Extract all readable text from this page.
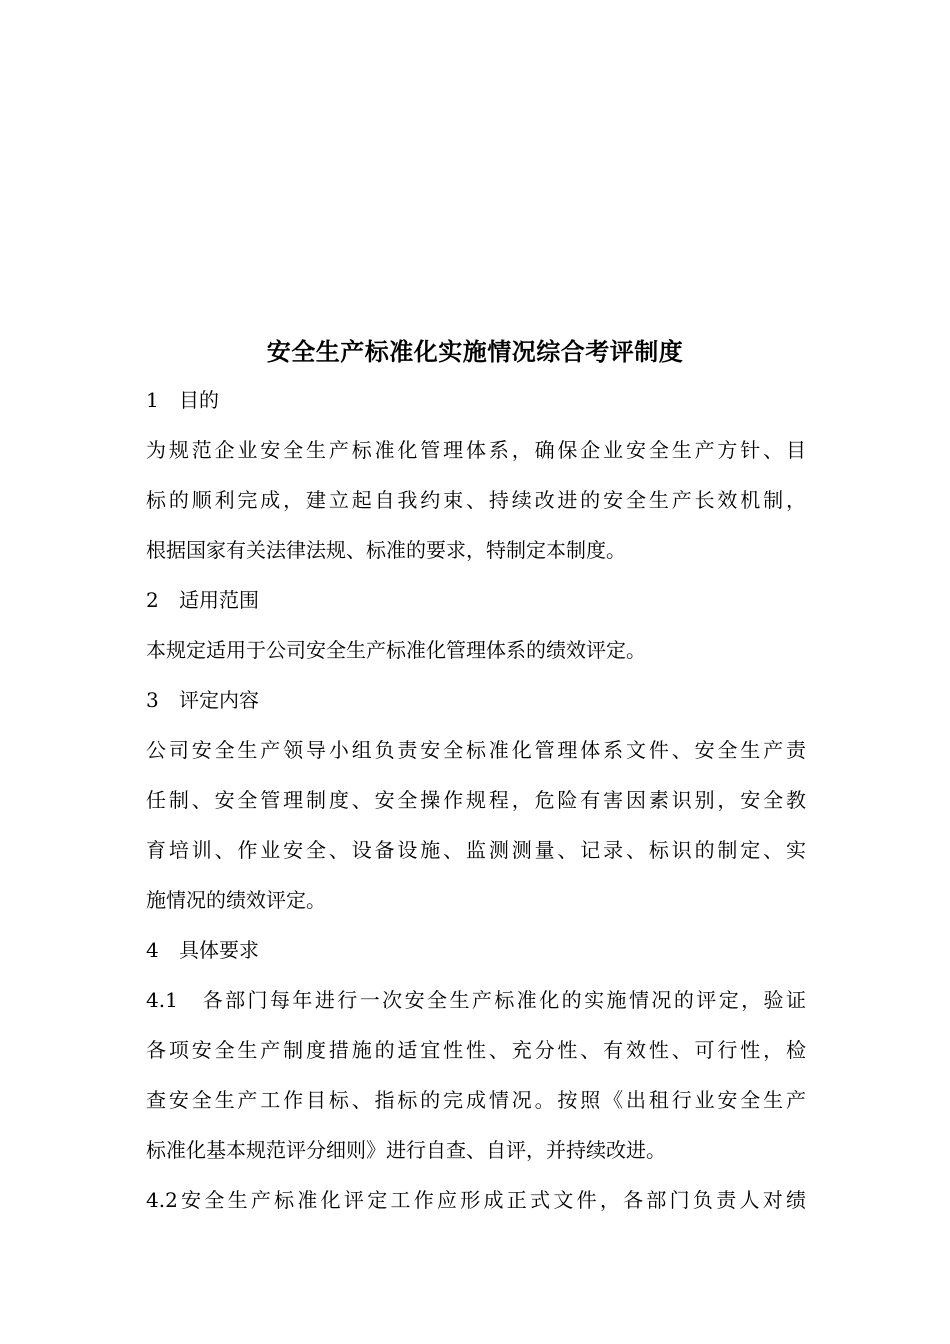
安全生产标准化实施情况综合考评制度
1 目的
为规范企业安全生产标准化管理体系，确保企业安全生产方针、目
标的顺利完成，建立起自我约束、持续改进的安全生产长效机制，
根据国家有关法律法规、标准的要求，特制定本制度。
2 适用范围
本规定适用于公司安全生产标准化管理体系的绩效评定。
3 评定内容
公司安全生产领导小组负责安全标准化管理体系文件、安全生产责
任制、安全管理制度、安全操作规程，危险有害因素识别，安全教
育培训、作业安全、设备设施、监测测量、记录、标识的制定、实
施情况的绩效评定。
4 具体要求
4.1　各部门每年进行一次安全生产标准化的实施情况的评定，验证
各项安全生产制度措施的适宜性性、充分性、有效性、可行性，检
查安全生产工作目标、指标的完成情况。按照《出租行业安全生产
标准化基本规范评分细则》进行自查、自评，并持续改进。
4.2安全生产标准化评定工作应形成正式文件，各部门负责人对绩
